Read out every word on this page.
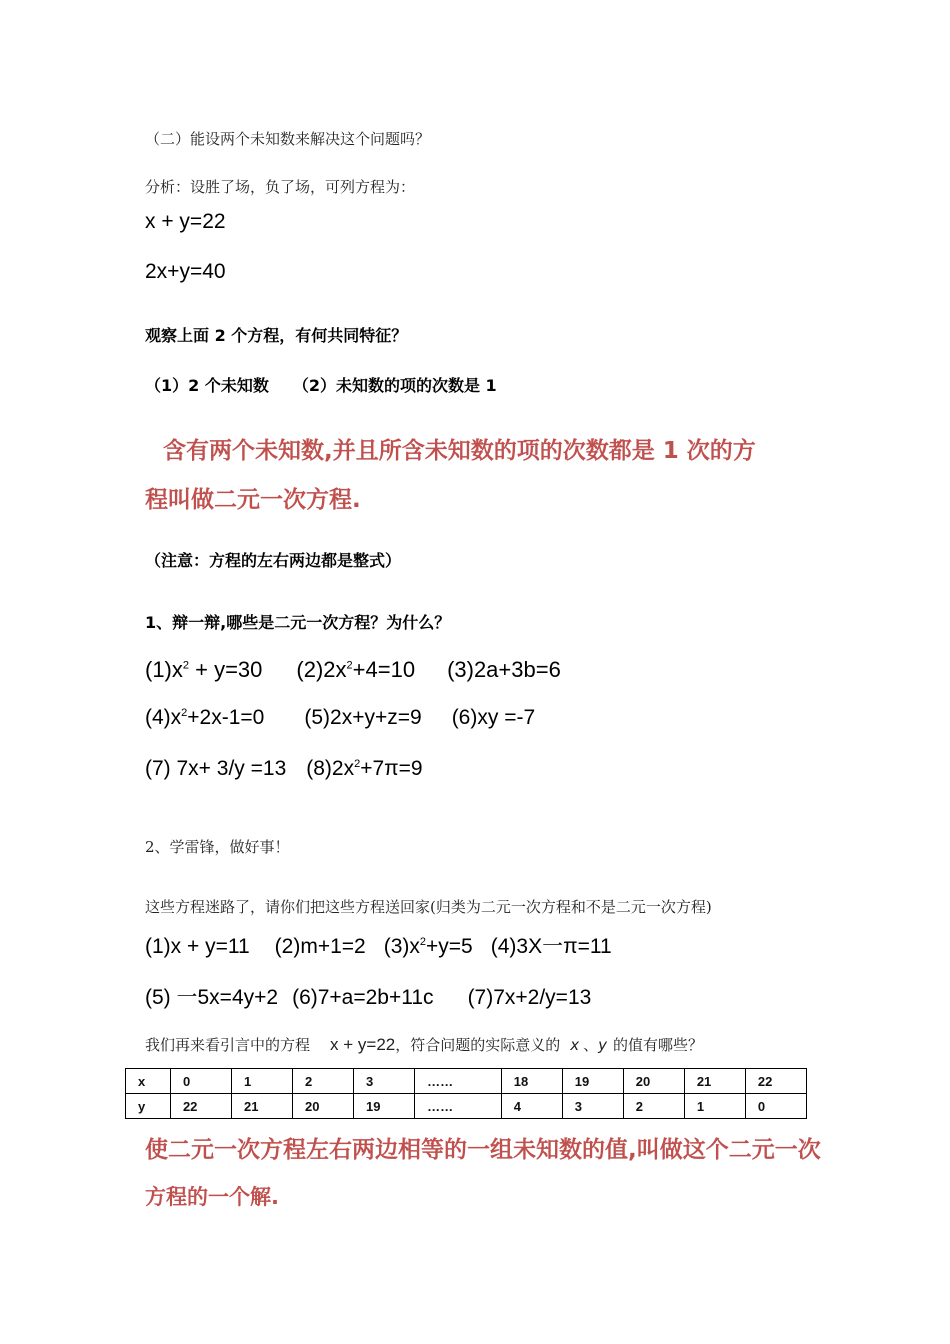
（二）能设两个未知数来解决这个问题吗？
分析：设胜了场，负了场，可列方程为：
x + y=22
2x+y=40
观察上面 2 个方程，有何共同特征？
（1）2 个未知数 （2）未知数的项的次数是 1
含有两个未知数,并且所含未知数的项的次数都是 1 次的方
程叫做二元一次方程.
（注意：方程的左右两边都是整式）
1、辩一辩,哪些是二元一次方程？为什么？
$(1)x^2 + y=30$ $(2)2x^2+4=10$ (3)2a+3b=6
$(4)x^2+2x-1=0$ (5)2x+y+z=9 (6)xy =-7
(7) 7x+ 3/y =13 $(8)2x^2+7\pi=9$
2、学雷锋，做好事！
这些方程迷路了，请你们把这些方程送回家(归类为二元一次方程和不是二元一次方程)
(1)x + y=11 (2)m+1=2 $(3)x^2+y=5$ (4)3X一π=11
(5) 一5x=4y+2 (6)7+a=2b+11c (7)7x+2/y=13
我们再来看引言中的方程 x + y=22，符合问题的实际意义的 x 、y 的值有哪些？
x	0	1	2	3	……	18	19	20	21	22
y	22	21	20	19	……	4	3	2	1	0
使二元一次方程左右两边相等的一组未知数的值,叫做这个二元一次
方程的一个解.
